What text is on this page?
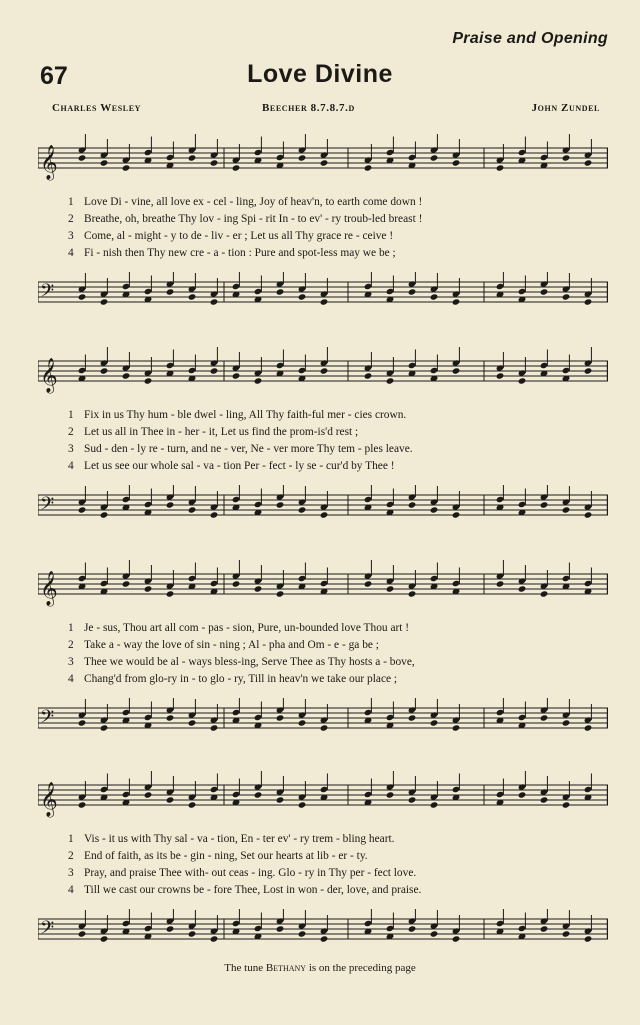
Praise and Opening
67	Love Divine
Charles Wesley	Beecher 8.7.8.7.d	John Zundel
𝄞
1 Love Di - vine, all love ex - cel - ling, Joy of heav'n, to earth come down !
2 Breathe, oh, breathe Thy lov - ing Spi - rit In - to ev' - ry troub-led breast !
3 Come, al - might - y to de - liv - er ; Let us all Thy grace re - ceive !
4 Fi - nish then Thy new cre - a - tion : Pure and spot-less may we be ;
𝄢
𝄞
1 Fix in us Thy hum - ble dwel - ling, All Thy faith-ful mer - cies crown.
2 Let us all in Thee in - her - it, Let us find the prom-is'd rest ;
3 Sud - den - ly re - turn, and ne - ver, Ne - ver more Thy tem - ples leave.
4 Let us see our whole sal - va - tion Per - fect - ly se - cur'd by Thee !
𝄢
𝄞
1 Je - sus, Thou art all com - pas - sion, Pure, un-bounded love Thou art !
2 Take a - way the love of sin - ning ; Al - pha and Om - e - ga be ;
3 Thee we would be al - ways bless-ing, Serve Thee as Thy hosts a - bove,
4 Chang'd from glo-ry in - to glo - ry, Till in heav'n we take our place ;
𝄢
𝄞
1 Vis - it us with Thy sal - va - tion, En - ter ev' - ry trem - bling heart.
2 End of faith, as its be - gin - ning, Set our hearts at lib - er - ty.
3 Pray, and praise Thee with- out ceas - ing. Glo - ry in Thy per - fect love.
4 Till we cast our crowns be - fore Thee, Lost in won - der, love, and praise.
𝄢
The tune Bethany is on the preceding page
